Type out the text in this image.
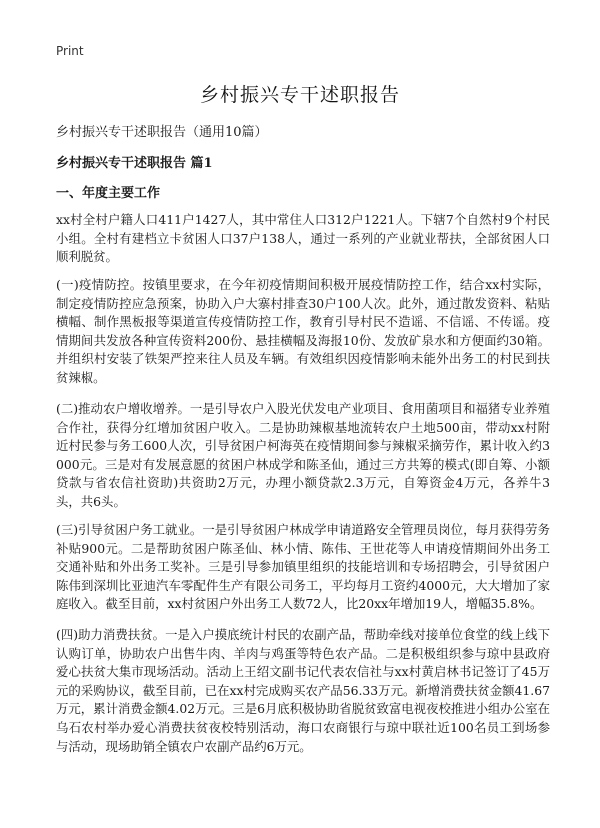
Print
乡村振兴专干述职报告
乡村振兴专干述职报告（通用10篇）
乡村振兴专干述职报告 篇1
一、年度主要工作

xx村全村户籍人口411户1427人，其中常住人口312户1221人。下辖7个自然村9个村民小组。全村有建档立卡贫困人口37户138人，通过一系列的产业就业帮扶，全部贫困人口顺利脱贫。

(一)疫情防控。按镇里要求，在今年初疫情期间积极开展疫情防控工作，结合xx村实际，制定疫情防控应急预案，协助入户大寨村排查30户100人次。此外，通过散发资料、粘贴横幅、制作黑板报等渠道宣传疫情防控工作，教育引导村民不造谣、不信谣、不传谣。疫情期间共发放各种宣传资料200份、悬挂横幅及海报10份、发放矿泉水和方便面约30箱。并组织村安装了铁架严控来往人员及车辆。有效组织因疫情影响未能外出务工的村民到扶贫辣椒。

(二)推动农户增收增养。一是引导农户入股光伏发电产业项目、食用菌项目和福猪专业养殖合作社，获得分红增加贫困户收入。二是协助辣椒基地流转农户土地500亩，带动xx村附近村民参与务工600人次，引导贫困户柯海英在疫情期间参与辣椒采摘劳作，累计收入约3000元。三是对有发展意愿的贫困户林成学和陈圣仙，通过三方共筹的模式(即自筹、小额贷款与省农信社资助)共资助2万元，办理小额贷款2.3万元，自筹资金4万元，各养牛3头，共6头。

(三)引导贫困户务工就业。一是引导贫困户林成学申请道路安全管理员岗位，每月获得劳务补贴900元。二是帮助贫困户陈圣仙、林小情、陈伟、王世花等人申请疫情期间外出务工交通补贴和外出务工奖补。三是引导参加镇里组织的技能培训和专场招聘会，引导贫困户陈伟到深圳比亚迪汽车零配件生产有限公司务工，平均每月工资约4000元，大大增加了家庭收入。截至目前，xx村贫困户外出务工人数72人，比20xx年增加19人，增幅35.8%。

(四)助力消费扶贫。一是入户摸底统计村民的农副产品，帮助牵线对接单位食堂的线上线下认购订单，协助农户出售牛肉、羊肉与鸡蛋等特色农产品。二是积极组织参与琼中县政府爱心扶贫大集市现场活动。活动上王绍文副书记代表农信社与xx村黄启林书记签订了45万元的采购协议，截至目前，已在xx村完成购买农产品56.33万元。新增消费扶贫金额41.67万元，累计消费金额4.02万元。三是6月底积极协助省脱贫致富电视夜校推进小组办公室在乌石农村举办爱心消费扶贫夜校特别活动，海口农商银行与琼中联社近100名员工到场参与活动，现场助销全镇农户农副产品约6万元。
